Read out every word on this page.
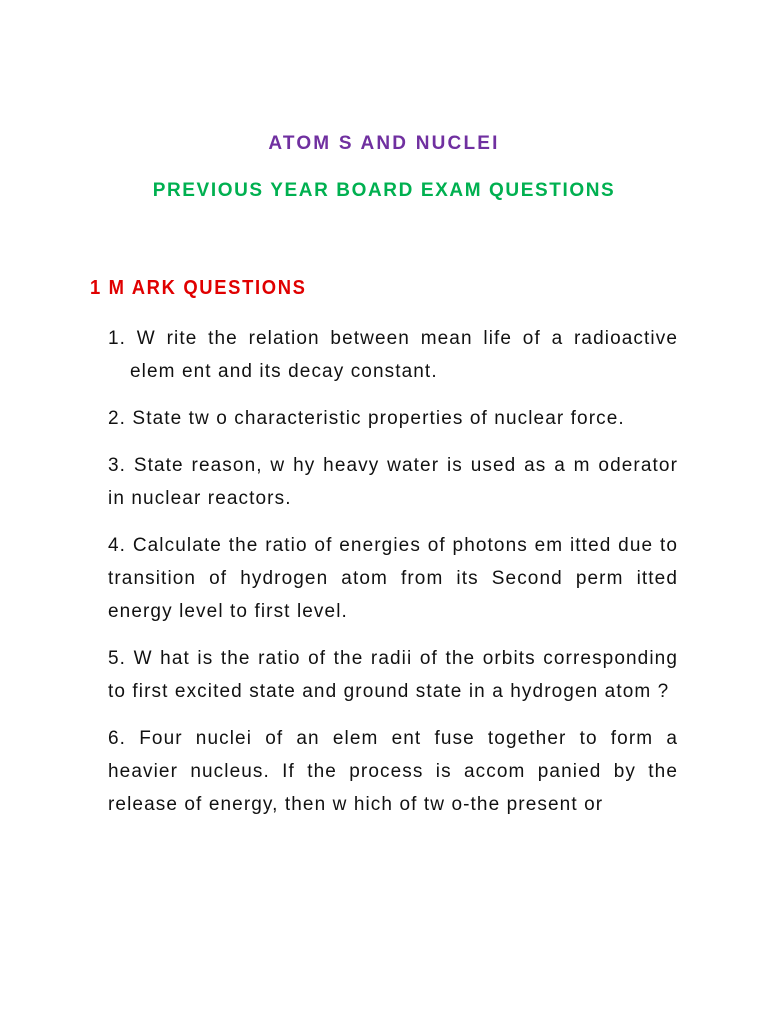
ATOM S AND NUCLEI
PREVIOUS YEAR BOARD EXAM QUESTIONS
1 M ARK QUESTIONS
1. W rite the relation between mean life of a radioactive elem ent and its decay constant.
2. State tw o characteristic properties of nuclear force.
3. State reason, w hy heavy water is used as a m oderator in nuclear reactors.
4. Calculate the ratio of energies of photons em itted due to transition of hydrogen atom from its Second perm itted energy level to first level.
5. W hat is the ratio of the radii of the orbits corresponding to first excited state and ground state in a hydrogen atom ?
6. Four nuclei of an elem ent fuse together to form a heavier nucleus. If the process is accom panied by the release of energy, then w hich of tw o-the present or
